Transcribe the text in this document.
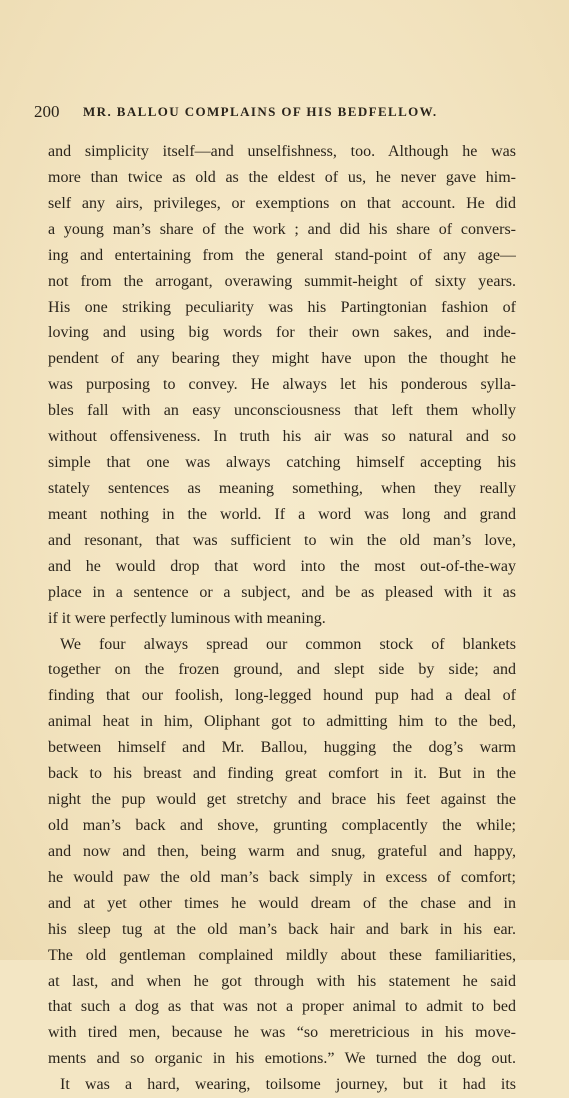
200 MR. BALLOU COMPLAINS OF HIS BEDFELLOW.
and simplicity itself—and unselfishness, too. Although he was
more than twice as old as the eldest of us, he never gave him-
self any airs, privileges, or exemptions on that account. He did
a young man’s share of the work ; and did his share of convers-
ing and entertaining from the general stand-point of any age—
not from the arrogant, overawing summit-height of sixty years.
His one striking peculiarity was his Partingtonian fashion of
loving and using big words for their own sakes, and inde-
pendent of any bearing they might have upon the thought he
was purposing to convey. He always let his ponderous sylla-
bles fall with an easy unconsciousness that left them wholly
without offensiveness. In truth his air was so natural and so
simple that one was always catching himself accepting his
stately sentences as meaning something, when they really
meant nothing in the world. If a word was long and grand
and resonant, that was sufficient to win the old man’s love,
and he would drop that word into the most out-of-the-way
place in a sentence or a subject, and be as pleased with it as
if it were perfectly luminous with meaning.
We four always spread our common stock of blankets
together on the frozen ground, and slept side by side; and
finding that our foolish, long-legged hound pup had a deal of
animal heat in him, Oliphant got to admitting him to the bed,
between himself and Mr. Ballou, hugging the dog’s warm
back to his breast and finding great comfort in it. But in the
night the pup would get stretchy and brace his feet against the
old man’s back and shove, grunting complacently the while;
and now and then, being warm and snug, grateful and happy,
he would paw the old man’s back simply in excess of comfort;
and at yet other times he would dream of the chase and in
his sleep tug at the old man’s back hair and bark in his ear.
The old gentleman complained mildly about these familiarities,
at last, and when he got through with his statement he said
that such a dog as that was not a proper animal to admit to bed
with tired men, because he was “so meretricious in his move-
ments and so organic in his emotions.” We turned the dog out.
It was a hard, wearing, toilsome journey, but it had its
